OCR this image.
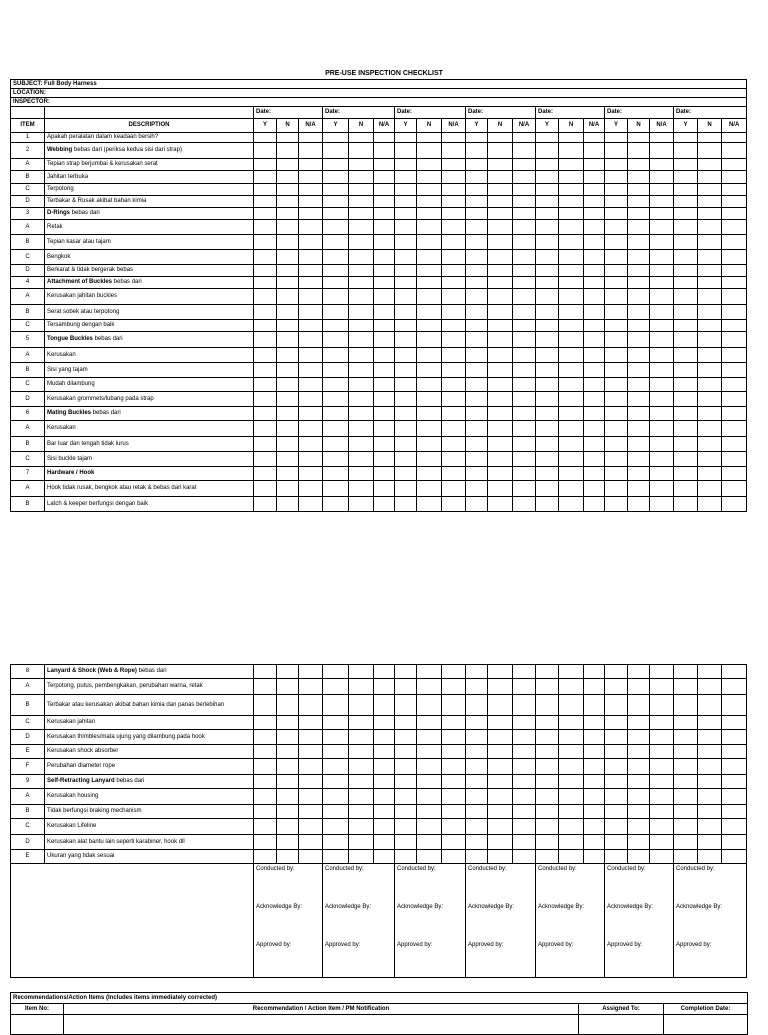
PRE-USE INSPECTION CHECKLIST
SUBJECT: Full Body Harness																						
LOCATION:																						
INSPECTOR:																						
		Date:			Date:			Date:			Date:			Date:			Date:			Date:		
ITEM	DESCRIPTION	Y	N	N/A	Y	N	N/A	Y	N	N/A	Y	N	N/A	Y	N	N/A	Y	N	N/A	Y	N	N/A
1	Apakah peralatan dalam keadaan bersih?																					
2	Webbing bebas dari (periksa kedua sisi dari strap)																					
A	Tepian strap berjumbai & kerusakan serat																					
B	Jahitan terbuka																					
C	Terpotong																					
D	Terbakar & Rusak akibat bahan kimia																					
3	D-Rings bebas dari																					
A	Retak																					
B	Tepian kasar atau tajam																					
C	Bengkok																					
D	Berkarat & tidak bergerak bebas																					
4	Attachment of Buckles bebas dari																					
A	Kerusakan jahitan buckles																					
B	Serat sobek atau terpotong																					
C	Tersambung dengan baik																					
5	Tongue Buckles bebas dari																					
A	Kerusakan																					
B	Sisi yang tajam																					
C	Mudah dilambung																					
D	Kerusakan grommets/lubang pada strap																					
6	Mating Buckles bebas dari																					
A	Kerusakan																					
B	Bar luar dan tengah tidak lurus																					
C	Sisi buckle tajam																					
7	Hardware / Hook																					
A	Hook tidak rusak, bengkok atau retak & bebas dari karat																					
B	Latch & keeper berfungsi dengan baik																					
8	Lanyard & Shock (Web & Rope) bebas dari																					
A	Terpotong, putus, pembengkakan, perubahan warna, retak																					
B	Terbakar atau kerusakan akibat bahan kimia dan panas berlebihan																					
C	Kerusakan jahitan																					
D	Kerusakan thimbles/mata ujung yang dilambung pada hook																					
E	Kerusakan shock absorber																					
F	Perubahan diameter rope																					
9	Self-Retracting Lanyard bebas dari																					
A	Kerusakan housing																					
B	Tidak berfungsi braking mechanism																					
C	Kerusakan Lifeline																					
D	Kerusakan alat bantu lain seperti karabiner, hook dll																					
E	Ukuran yang tidak sesuai																					
		Conducted by:			Conducted by:			Conducted by:			Conducted by:			Conducted by:			Conducted by:			Conducted by:		
		Acknowledge By:			Acknowledge By:			Acknowledge By:			Acknowledge By:			Acknowledge By:			Acknowledge By:			Acknowledge By:		
		Approved by:			Approved by:			Approved by:			Approved by:			Approved by:			Approved by:			Approved by:		
Recommendations/Action Items (Includes items immediately corrected)			
Item No:	Recommendation / Action Item / PM Notification	Assigned To:	Completion Date:
